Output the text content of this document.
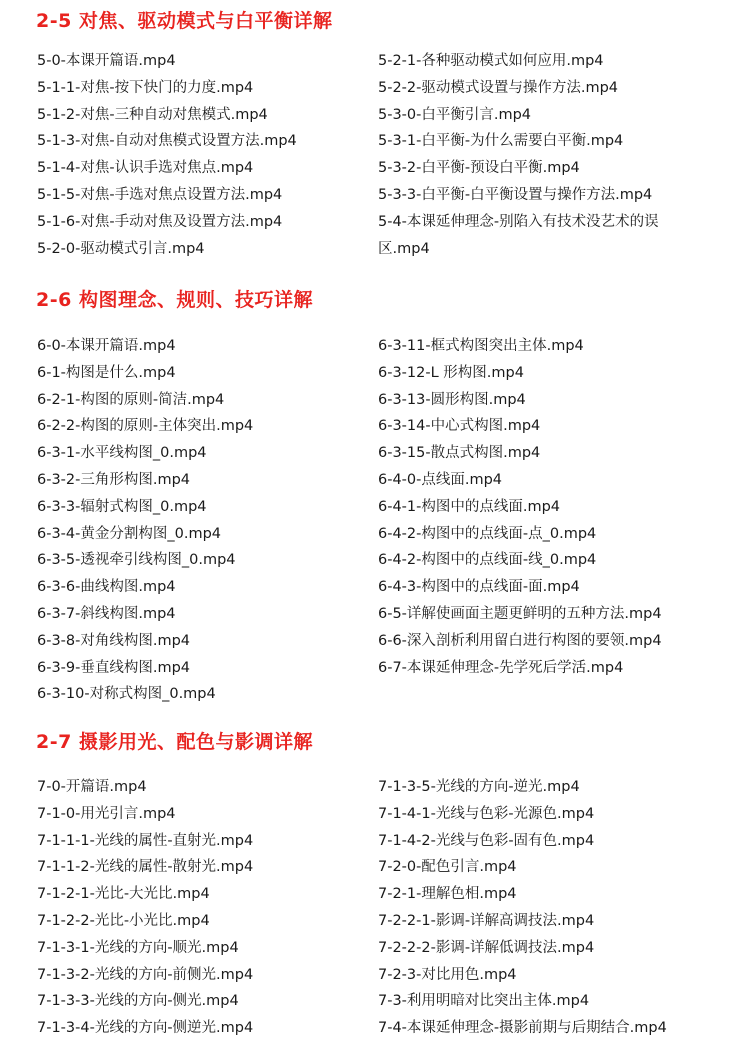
2-5 对焦、驱动模式与白平衡详解
5-0-本课开篇语.mp4
5-1-1-对焦-按下快门的力度.mp4
5-1-2-对焦-三种自动对焦模式.mp4
5-1-3-对焦-自动对焦模式设置方法.mp4
5-1-4-对焦-认识手选对焦点.mp4
5-1-5-对焦-手选对焦点设置方法.mp4
5-1-6-对焦-手动对焦及设置方法.mp4
5-2-0-驱动模式引言.mp4
5-2-1-各种驱动模式如何应用.mp4
5-2-2-驱动模式设置与操作方法.mp4
5-3-0-白平衡引言.mp4
5-3-1-白平衡-为什么需要白平衡.mp4
5-3-2-白平衡-预设白平衡.mp4
5-3-3-白平衡-白平衡设置与操作方法.mp4
5-4-本课延伸理念-别陷入有技术没艺术的误区.mp4
2-6 构图理念、规则、技巧详解
6-0-本课开篇语.mp4
6-1-构图是什么.mp4
6-2-1-构图的原则-简洁.mp4
6-2-2-构图的原则-主体突出.mp4
6-3-1-水平线构图_0.mp4
6-3-2-三角形构图.mp4
6-3-3-辐射式构图_0.mp4
6-3-4-黄金分割构图_0.mp4
6-3-5-透视牵引线构图_0.mp4
6-3-6-曲线构图.mp4
6-3-7-斜线构图.mp4
6-3-8-对角线构图.mp4
6-3-9-垂直线构图.mp4
6-3-10-对称式构图_0.mp4
6-3-11-框式构图突出主体.mp4
6-3-12-L 形构图.mp4
6-3-13-圆形构图.mp4
6-3-14-中心式构图.mp4
6-3-15-散点式构图.mp4
6-4-0-点线面.mp4
6-4-1-构图中的点线面.mp4
6-4-2-构图中的点线面-点_0.mp4
6-4-2-构图中的点线面-线_0.mp4
6-4-3-构图中的点线面-面.mp4
6-5-详解使画面主题更鲜明的五种方法.mp4
6-6-深入剖析利用留白进行构图的要领.mp4
6-7-本课延伸理念-先学死后学活.mp4
2-7 摄影用光、配色与影调详解
7-0-开篇语.mp4
7-1-0-用光引言.mp4
7-1-1-1-光线的属性-直射光.mp4
7-1-1-2-光线的属性-散射光.mp4
7-1-2-1-光比-大光比.mp4
7-1-2-2-光比-小光比.mp4
7-1-3-1-光线的方向-顺光.mp4
7-1-3-2-光线的方向-前侧光.mp4
7-1-3-3-光线的方向-侧光.mp4
7-1-3-4-光线的方向-侧逆光.mp4
7-1-3-5-光线的方向-逆光.mp4
7-1-4-1-光线与色彩-光源色.mp4
7-1-4-2-光线与色彩-固有色.mp4
7-2-0-配色引言.mp4
7-2-1-理解色相.mp4
7-2-2-1-影调-详解高调技法.mp4
7-2-2-2-影调-详解低调技法.mp4
7-2-3-对比用色.mp4
7-3-利用明暗对比突出主体.mp4
7-4-本课延伸理念-摄影前期与后期结合.mp4
